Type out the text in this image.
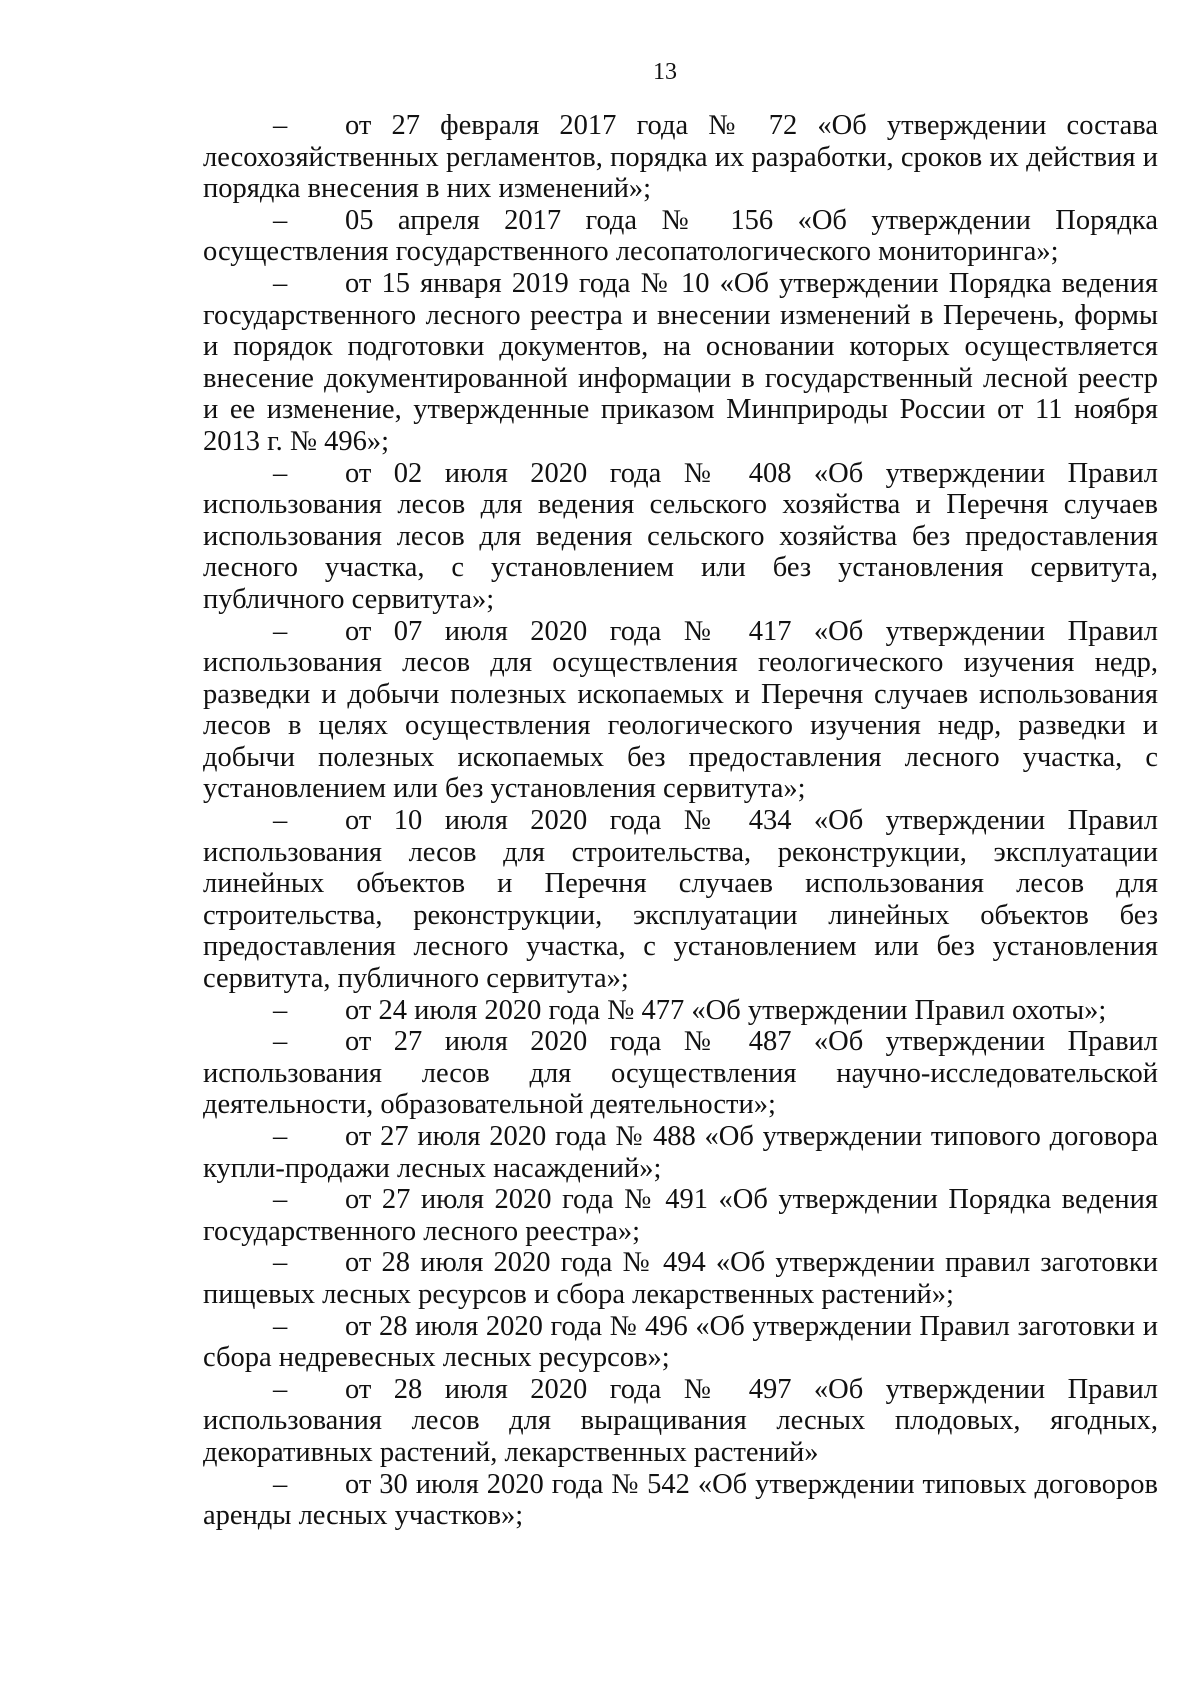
13

– от 27 февраля 2017 года № 72 «Об утверждении состава лесохозяйственных регламентов, порядка их разработки, сроков их действия и порядка внесения в них изменений»;

– 05 апреля 2017 года № 156 «Об утверждении Порядка осуществления государственного лесопатологического мониторинга»;

– от 15 января 2019 года № 10 «Об утверждении Порядка ведения государственного лесного реестра и внесении изменений в Перечень, формы и порядок подготовки документов, на основании которых осуществляется внесение документированной информации в государственный лесной реестр и ее изменение, утвержденные приказом Минприроды России от 11 ноября 2013 г. № 496»;

– от 02 июля 2020 года № 408 «Об утверждении Правил использования лесов для ведения сельского хозяйства и Перечня случаев использования лесов для ведения сельского хозяйства без предоставления лесного участка, с установлением или без установления сервитута, публичного сервитута»;

– от 07 июля 2020 года № 417 «Об утверждении Правил использования лесов для осуществления геологического изучения недр, разведки и добычи полезных ископаемых и Перечня случаев использования лесов в целях осуществления геологического изучения недр, разведки и добычи полезных ископаемых без предоставления лесного участка, с установлением или без установления сервитута»;

– от 10 июля 2020 года № 434 «Об утверждении Правил использования лесов для строительства, реконструкции, эксплуатации линейных объектов и Перечня случаев использования лесов для строительства, реконструкции, эксплуатации линейных объектов без предоставления лесного участка, с установлением или без установления сервитута, публичного сервитута»;

– от 24 июля 2020 года № 477 «Об утверждении Правил охоты»;

– от 27 июля 2020 года № 487 «Об утверждении Правил использования лесов для осуществления научно-исследовательской деятельности, образовательной деятельности»;

– от 27 июля 2020 года № 488 «Об утверждении типового договора купли-продажи лесных насаждений»;

– от 27 июля 2020 года № 491 «Об утверждении Порядка ведения государственного лесного реестра»;

– от 28 июля 2020 года № 494 «Об утверждении правил заготовки пищевых лесных ресурсов и сбора лекарственных растений»;

– от 28 июля 2020 года № 496 «Об утверждении Правил заготовки и сбора недревесных лесных ресурсов»;

– от 28 июля 2020 года № 497 «Об утверждении Правил использования лесов для выращивания лесных плодовых, ягодных, декоративных растений, лекарственных растений»

– от 30 июля 2020 года № 542 «Об утверждении типовых договоров аренды лесных участков»;
